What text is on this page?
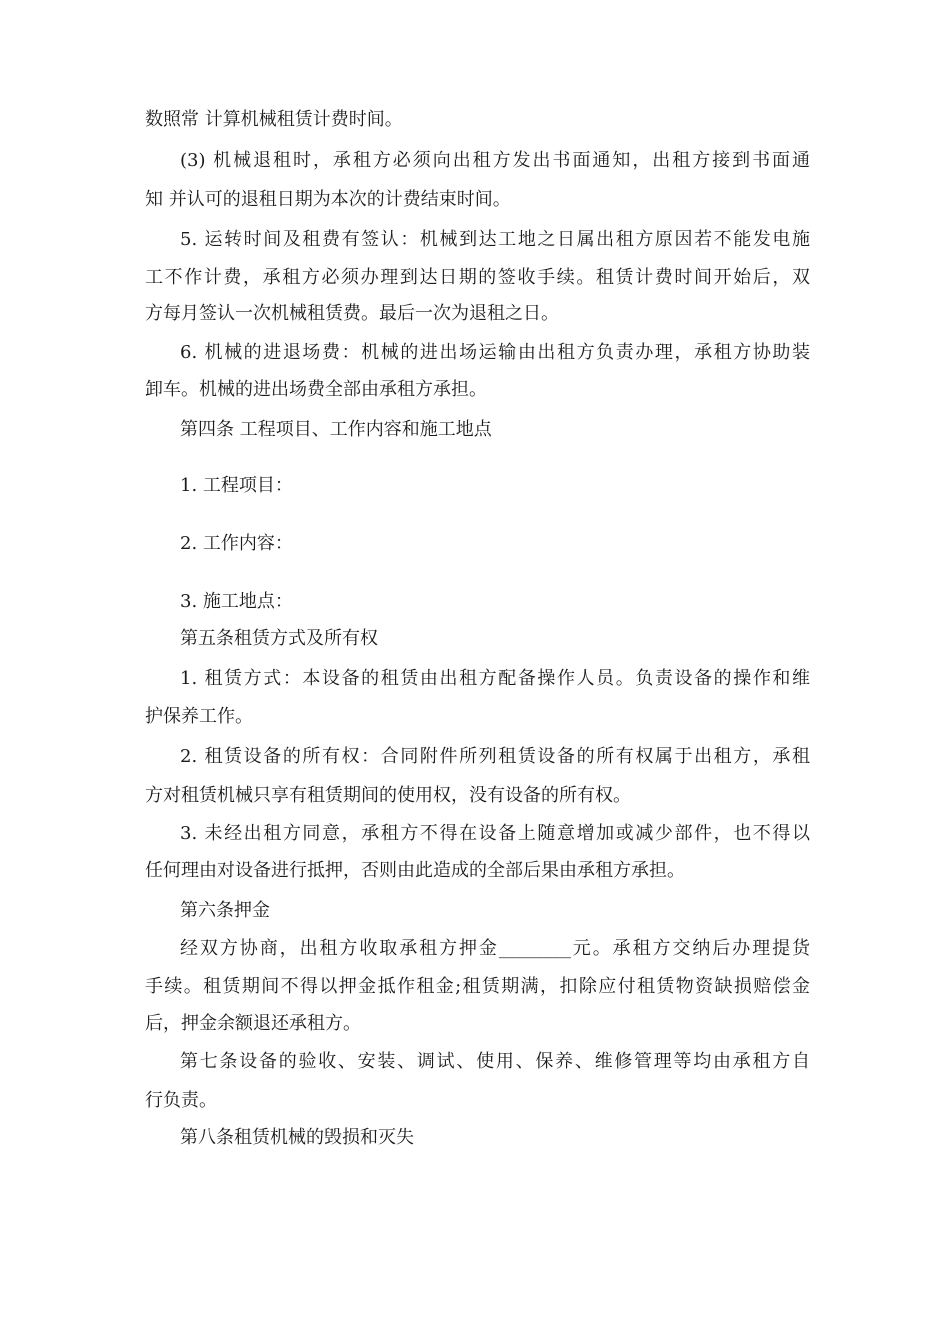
数照常 计算机械租赁计费时间。
(3) 机械退租时，承租方必须向出租方发出书面通知，出租方接到书面通
知 并认可的退租日期为本次的计费结束时间。
5. 运转时间及租费有签认：机械到达工地之日属出租方原因若不能发电施
工不作计费，承租方必须办理到达日期的签收手续。租赁计费时间开始后，双
方每月签认一次机械租赁费。最后一次为退租之日。
6. 机械的进退场费：机械的进出场运输由出租方负责办理，承租方协助装
卸车。机械的进出场费全部由承租方承担。
第四条 工程项目、工作内容和施工地点
1. 工程项目：
2. 工作内容：
3. 施工地点：
第五条租赁方式及所有权
1. 租赁方式：本设备的租赁由出租方配备操作人员。负责设备的操作和维
护保养工作。
2. 租赁设备的所有权：合同附件所列租赁设备的所有权属于出租方，承租
方对租赁机械只享有租赁期间的使用权，没有设备的所有权。
3. 未经出租方同意，承租方不得在设备上随意增加或减少部件，也不得以
任何理由对设备进行抵押，否则由此造成的全部后果由承租方承担。
第六条押金
经双方协商，出租方收取承租方押金________元。承租方交纳后办理提货
手续。租赁期间不得以押金抵作租金;租赁期满，扣除应付租赁物资缺损赔偿金
后，押金余额退还承租方。
第七条设备的验收、安装、调试、使用、保养、维修管理等均由承租方自
行负责。
第八条租赁机械的毁损和灭失
